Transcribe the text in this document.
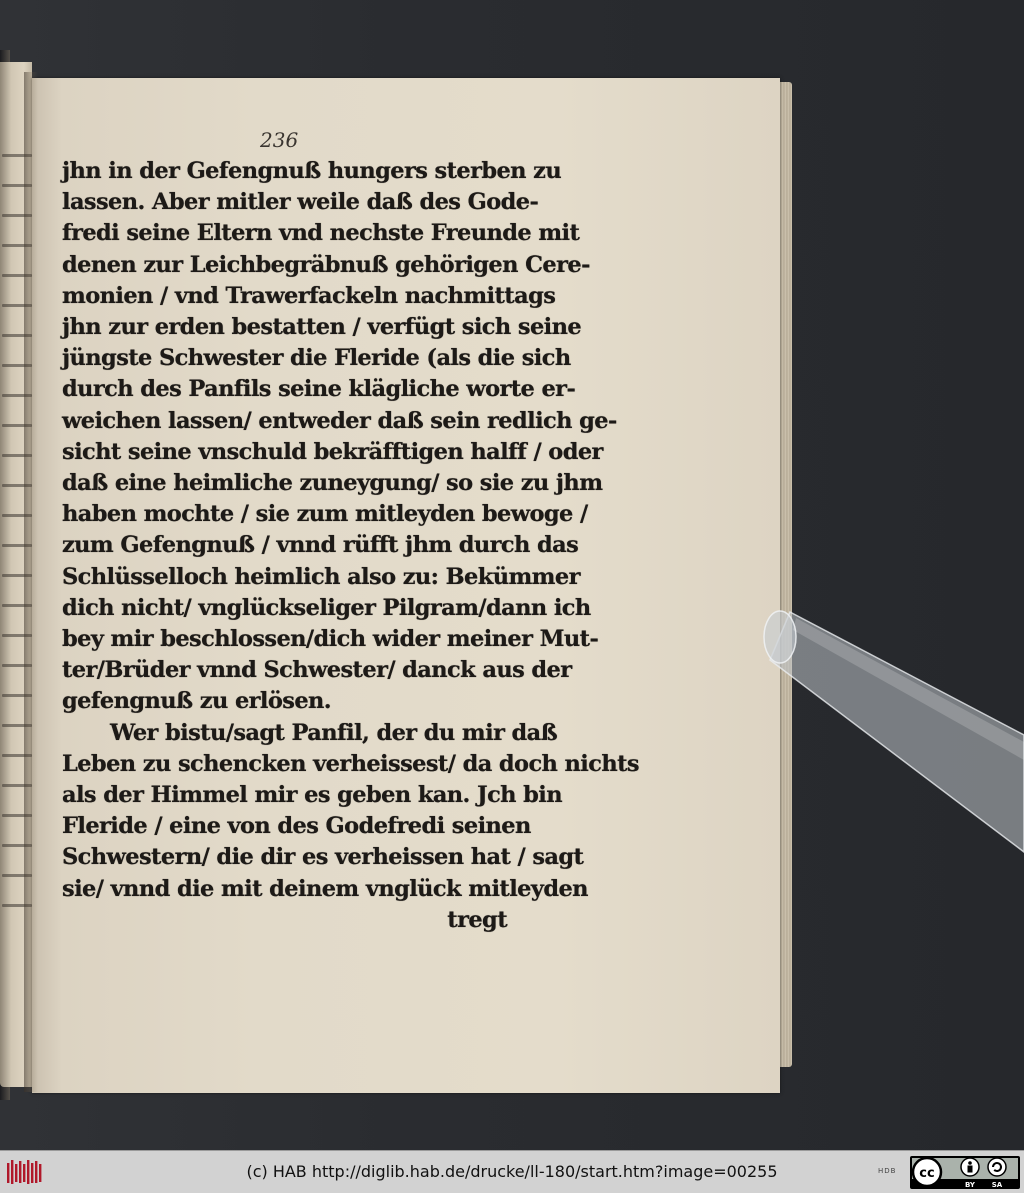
236

jhn in der Gefengnuß hungers sterben zu
lassen. Aber mitler weile daß des Gode-
fredi seine Eltern vnd nechste Freunde mit
denen zur Leichbegräbnuß gehörigen Cere-
monien / vnd Trawerfackeln nachmittags
jhn zur erden bestatten / verfügt sich seine
jüngste Schwester die Fleride (als die sich
durch des Panfils seine klägliche worte er-
weichen lassen/ entweder daß sein redlich ge-
sicht seine vnschuld bekräfftigen halff / oder
daß eine heimliche zuneygung/ so sie zu jhm
haben mochte / sie zum mitleyden bewoge /
zum Gefengnuß / vnnd rüfft jhm durch das
Schlüsselloch heimlich also zu: Bekümmer
dich nicht/ vnglückseliger Pilgram/dann ich
bey mir beschlossen/dich wider meiner Mut-
ter/Brüder vnnd Schwester/ danck aus der
gefengnuß zu erlösen.
Wer bistu/sagt Panfil, der du mir daß
Leben zu schencken verheissest/ da doch nichts
als der Himmel mir es geben kan. Jch bin
Fleride / eine von des Godefredi seinen
Schwestern/ die dir es verheissen hat / sagt
sie/ vnnd die mit deinem vnglück mitleyden
tregt

(c) HAB http://diglib.hab.de/drucke/ll-180/start.htm?image=00255	HDB cc
BY SA
